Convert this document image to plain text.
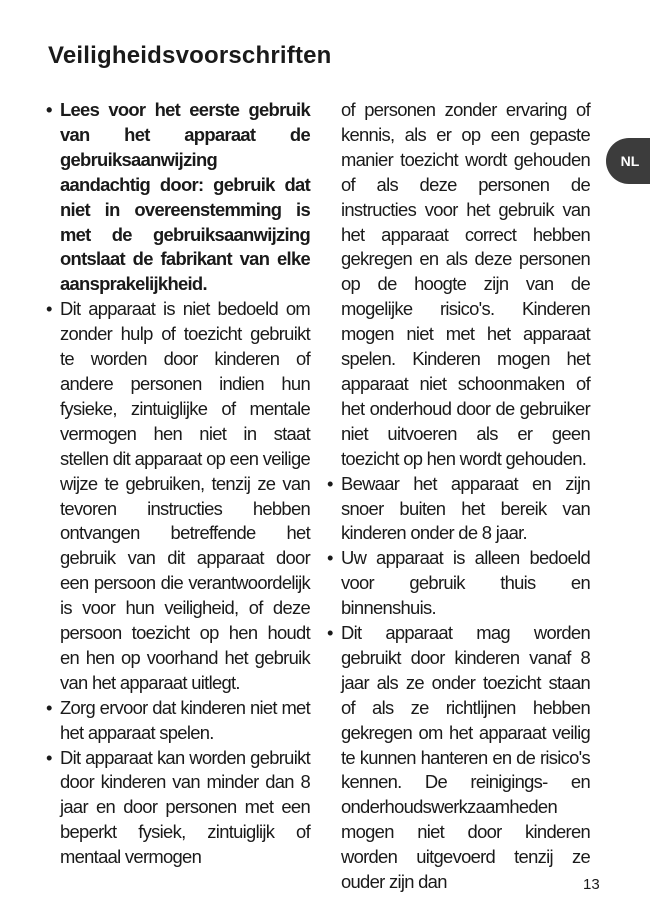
Veiligheidsvoorschriften

• Lees voor het eerste gebruik van het apparaat de gebruiksaanwijzing aandachtig door: gebruik dat niet in overeenstemming is met de gebruiksaanwijzing ontslaat de fabrikant van elke aansprakelijkheid.

• Dit apparaat is niet bedoeld om zonder hulp of toezicht gebruikt te worden door kinderen of andere personen indien hun fysieke, zintuiglijke of mentale vermogen hen niet in staat stellen dit apparaat op een veilige wijze te gebruiken, tenzij ze van tevoren instructies hebben ontvangen betreffende het gebruik van dit apparaat door een persoon die verantwoordelijk is voor hun veiligheid, of deze persoon toezicht op hen houdt en hen op voorhand het gebruik van het apparaat uitlegt.

• Zorg ervoor dat kinderen niet met het apparaat spelen.

• Dit apparaat kan worden gebruikt door kinderen van minder dan 8 jaar en door personen met een beperkt fysiek, zintuiglijk of mentaal vermogen

of personen zonder ervaring of kennis, als er op een gepaste manier toezicht wordt gehouden of als deze personen de instructies voor het gebruik van het apparaat correct hebben gekregen en als deze personen op de hoogte zijn van de mogelijke risico's. Kinderen mogen niet met het apparaat spelen. Kinderen mogen het apparaat niet schoonmaken of het onderhoud door de gebruiker niet uitvoeren als er geen toezicht op hen wordt gehouden.

• Bewaar het apparaat en zijn snoer buiten het bereik van kinderen onder de 8 jaar.

• Uw apparaat is alleen bedoeld voor gebruik thuis en binnenshuis.

• Dit apparaat mag worden gebruikt door kinderen vanaf 8 jaar als ze onder toezicht staan of als ze richtlijnen hebben gekregen om het apparaat veilig te kunnen hanteren en de risico's kennen. De reinigings- en onderhoudswerkzaamheden mogen niet door kinderen worden uitgevoerd tenzij ze ouder zijn dan

NL
13
